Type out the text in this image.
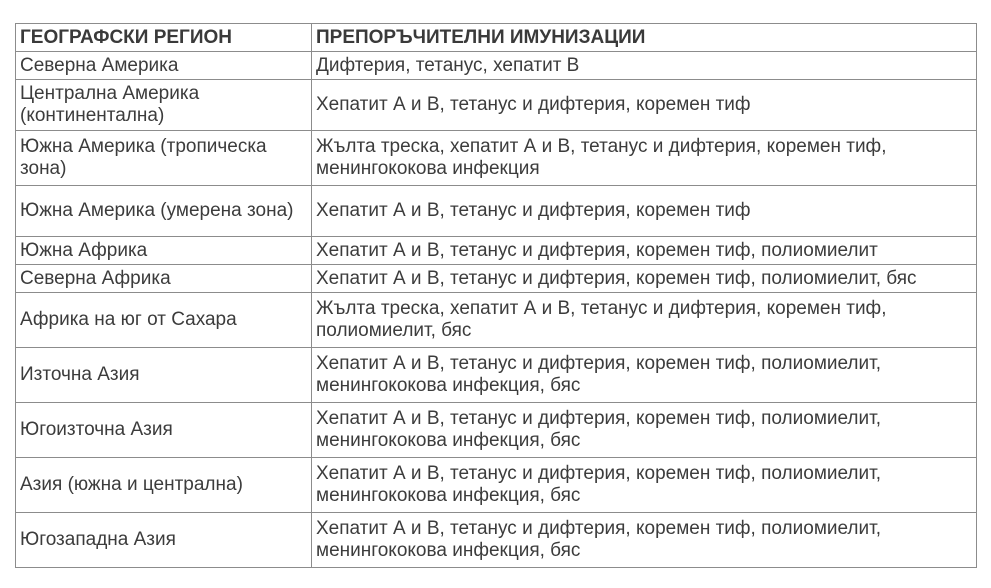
ГЕОГРАФСКИ РЕГИОН	ПРЕПОРЪЧИТЕЛНИ ИМУНИЗАЦИИ
Северна Америка	Дифтерия, тетанус, хепатит В
Централна Америка (континентална)	Хепатит А и В, тетанус и дифтерия, коремен тиф
Южна Америка (тропическа зона)	Жълта треска, хепатит А и В, тетанус и дифтерия, коремен тиф, менингококова инфекция
Южна Америка (умерена зона)	Хепатит А и В, тетанус и дифтерия, коремен тиф
Южна Африка	Хепатит А и В, тетанус и дифтерия, коремен тиф, полиомиелит
Северна Африка	Хепатит А и В, тетанус и дифтерия, коремен тиф, полиомиелит, бяс
Африка на юг от Сахара	Жълта треска, хепатит А и В, тетанус и дифтерия, коремен тиф, полиомиелит, бяс
Източна Азия	Хепатит А и В, тетанус и дифтерия, коремен тиф, полиомиелит, менингококова инфекция, бяс
Югоизточна Азия	Хепатит А и В, тетанус и дифтерия, коремен тиф, полиомиелит, менингококова инфекция, бяс
Азия (южна и централна)	Хепатит А и В, тетанус и дифтерия, коремен тиф, полиомиелит, менингококова инфекция, бяс
Югозападна Азия	Хепатит А и В, тетанус и дифтерия, коремен тиф, полиомиелит, менингококова инфекция, бяс
